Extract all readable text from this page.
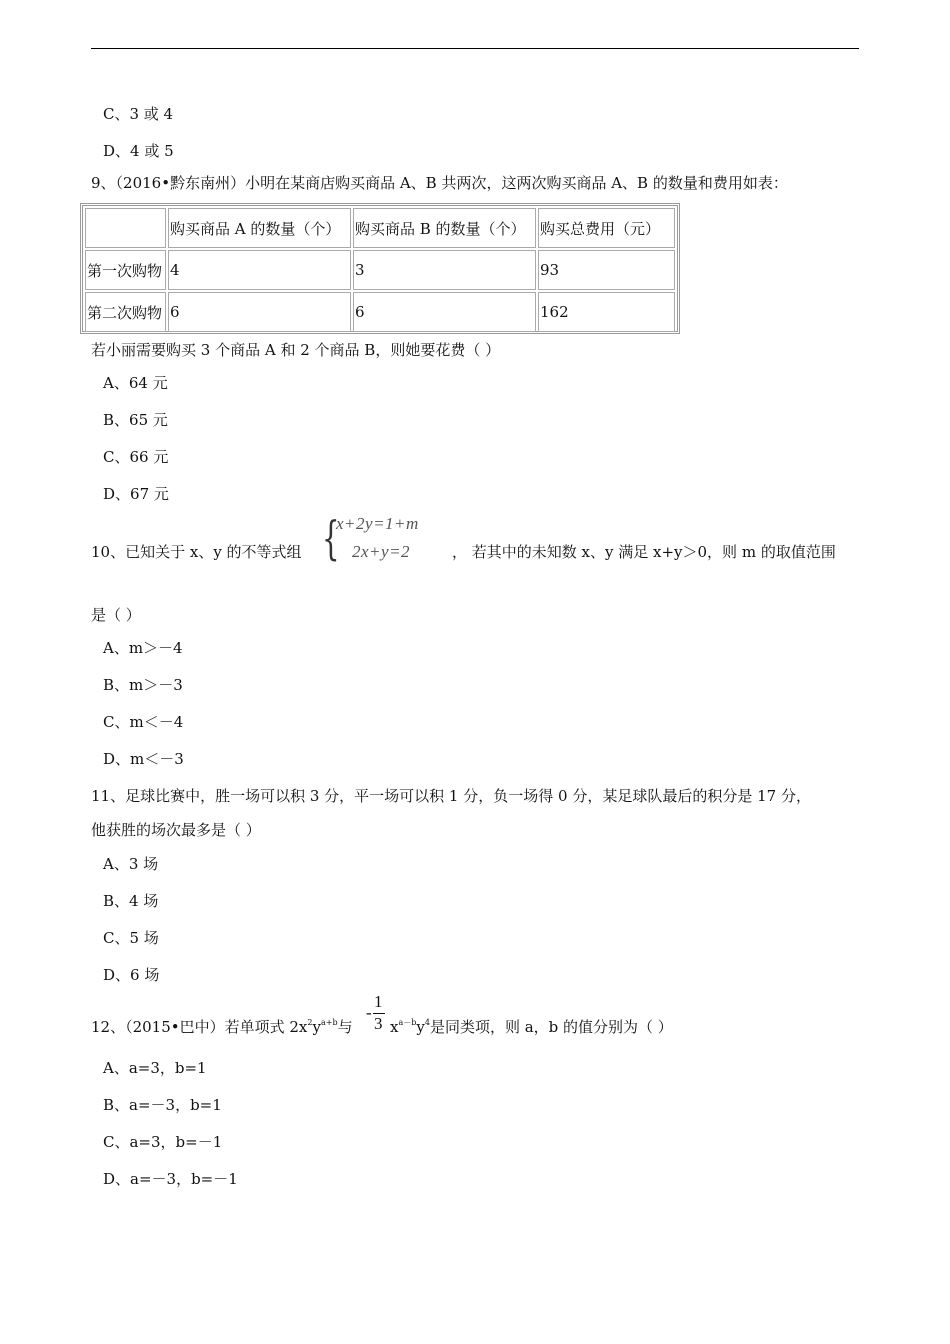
C、3 或 4
D、4 或 5
9、（2016•黔东南州）小明在某商店购买商品 A、B 共两次，这两次购买商品 A、B 的数量和费用如表：
	购买商品 A 的数量（个）	购买商品 B 的数量（个）	购买总费用（元）
第一次购物	4	3	93
第二次购物	6	6	162
若小丽需要购买 3 个商品 A 和 2 个商品 B，则她要花费（ ）
A、64 元
B、65 元
C、66 元
D、67 元
10、已知关于 x、y 的不等式组 {
x+2y=1+m
2x+y=2	， 若其中的未知数 x、y 满足 x+y＞0，则 m 的取值范围
是（ ）
A、m＞－4
B、m＞－3
C、m＜－4
D、m＜－3
11、足球比赛中，胜一场可以积 3 分，平一场可以积 1 分，负一场得 0 分，某足球队最后的积分是 17 分，
他获胜的场次最多是（ ）
A、3 场
B、4 场
C、5 场
D、6 场
12、（2015•巴中）若单项式 $2x^2y^{a+b}$与
-
1
3 $x^{a-b}y^4$是同类项，则 a，b 的值分别为（ ）
A、a=3，b=1
B、a=－3，b=1
C、a=3，b=－1
D、a=－3，b=－1
